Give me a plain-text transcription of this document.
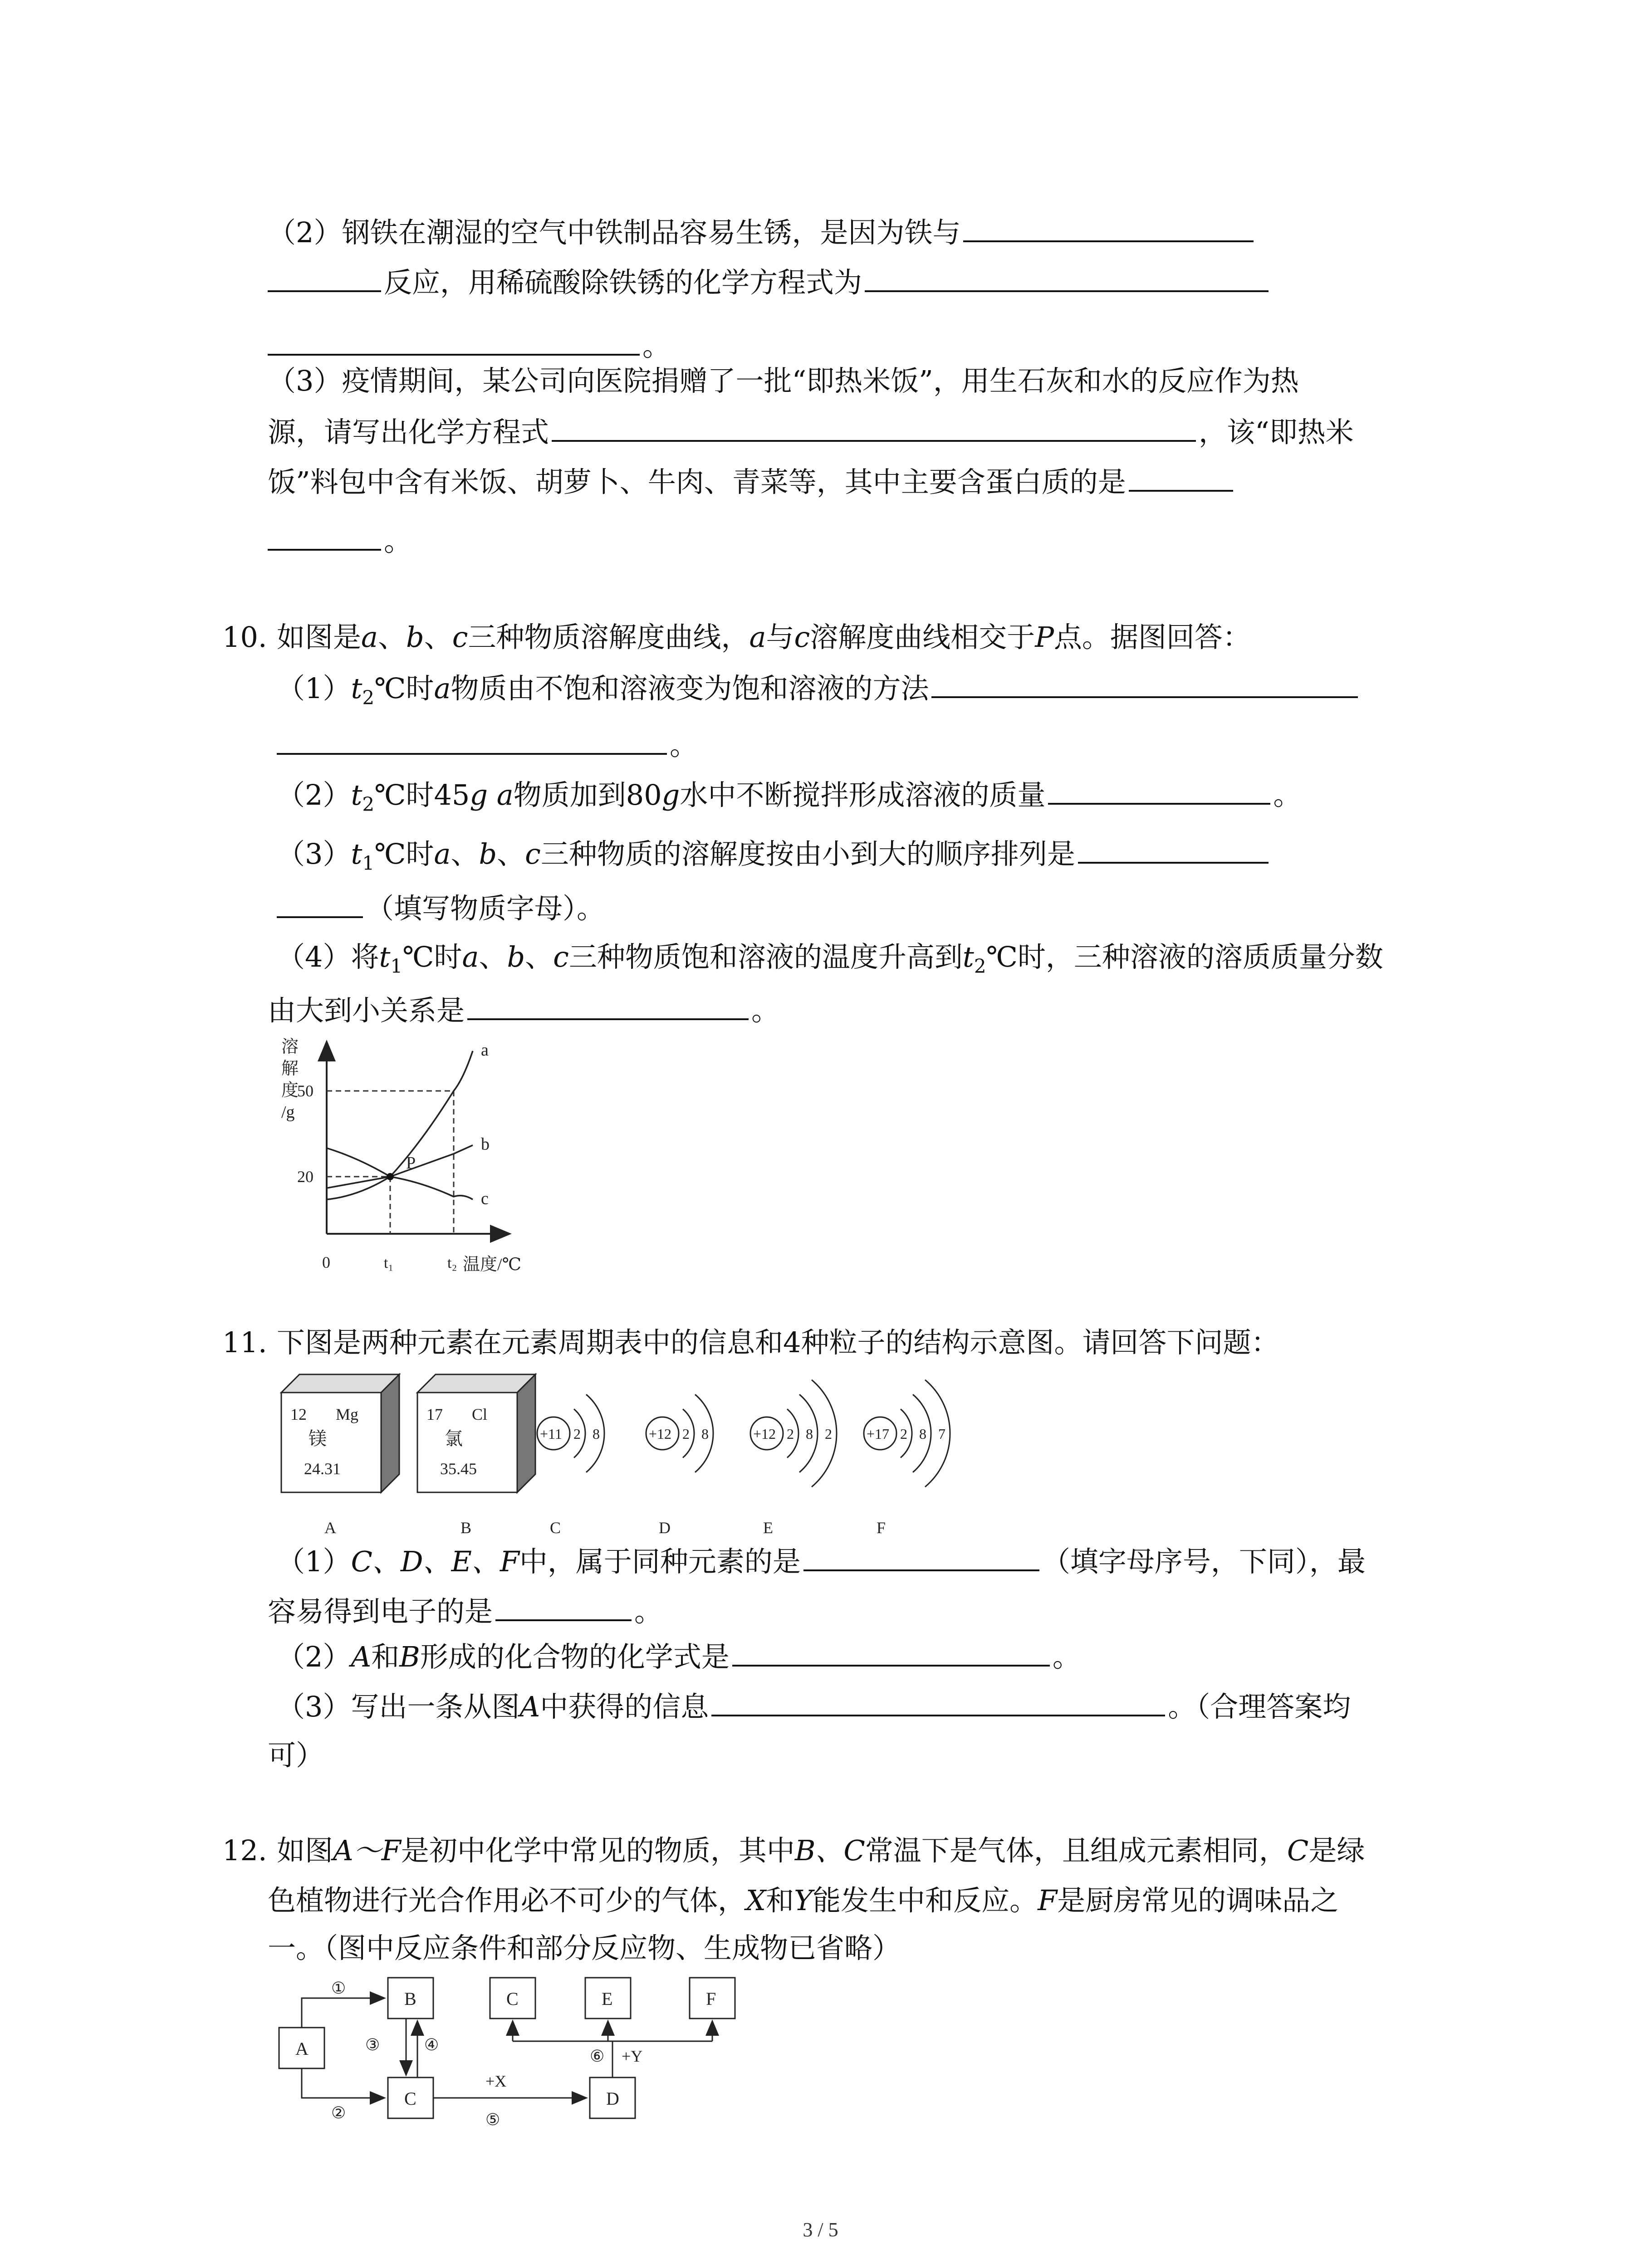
（2）钢铁在潮湿的空气中铁制品容易生锈，是因为铁与
反应，用稀硫酸除铁锈的化学方程式为
。
（3）疫情期间，某公司向医院捐赠了一批“即热米饭”，用生石灰和水的反应作为热
源，请写出化学方程式	，该“即热米
饭”料包中含有米饭、胡萝卜、牛肉、青菜等，其中主要含蛋白质的是
。
10. 如图是a、b、c三种物质溶解度曲线，a与c溶解度曲线相交于P点。据图回答：
$(1)t_2℃$时a物质由不饱和溶液变为饱和溶液的方法
。
$(2)t_2℃$时45g a物质加到80g水中不断搅拌形成溶液的质量	。
$(3)t_1℃$时a、b、c三种物质的溶解度按由小到大的顺序排列是
（填写物质字母）。
（4）将$t_1℃$时a、b、c三种物质饱和溶液的温度升高到$t_2℃$时，三种溶液的溶质质量分数
由大到小关系是	。
溶
解
度
/g
20
50
0	t₁	t₂ 温度/℃
a
b
c
P
11. 下图是两种元素在元素周期表中的信息和4种粒子的结构示意图。请回答下问题：
12 Mg
镁
24.31
A
17 Cl
氯
35.45
B
+11 2 8
C
+12 2 8
D
+12 2 8 2
E
+17 2 8 7
F
（1）C、D、E、F中，属于同种元素的是	（填字母序号，下同），最
容易得到电子的是	。
（2）A和B形成的化合物的化学式是	。
（3）写出一条从图A中获得的信息	。（合理答案均
可）
12. 如图A～F是初中化学中常见的物质，其中B、C常温下是气体，且组成元素相同，C是绿
色植物进行光合作用必不可少的气体，X和Y能发生中和反应。F是厨房常见的调味品之
一。（图中反应条件和部分反应物、生成物已省略）
A
B
C
C	E	F
D
①
②
③	④
⑤
+X
⑥ +Y
3 / 5
